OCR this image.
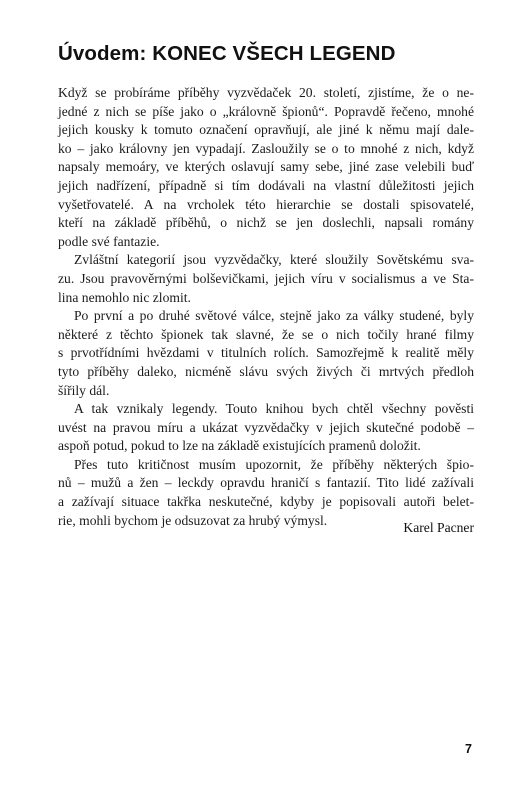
Úvodem: KONEC VŠECH LEGEND
Když se probíráme příběhy vyzvědaček 20. století, zjistíme, že o ne-
jedné z nich se píše jako o „královně špionů“. Popravdě řečeno, mnohé
jejich kousky k tomuto označení opravňují, ale jiné k němu mají dale-
ko – jako královny jen vypadají. Zasloužily se o to mnohé z nich, když
napsaly memoáry, ve kterých oslavují samy sebe, jiné zase velebili buď
jejich nadřízení, případně si tím dodávali na vlastní důležitosti jejich
vyšetřovatelé. A na vrcholek této hierarchie se dostali spisovatelé,
kteří na základě příběhů, o nichž se jen doslechli, napsali romány
podle své fantazie.
Zvláštní kategorií jsou vyzvědačky, které sloužily Sovětskému sva-
zu. Jsou pravověrnými bolševičkami, jejich víru v socialismus a ve Sta-
lina nemohlo nic zlomit.
Po první a po druhé světové válce, stejně jako za války studené, byly
některé z těchto špionek tak slavné, že se o nich točily hrané filmy
s prvotřídními hvězdami v titulních rolích. Samozřejmě k realitě měly
tyto příběhy daleko, nicméně slávu svých živých či mrtvých předloh
šířily dál.
A tak vznikaly legendy. Touto knihou bych chtěl všechny pověsti
uvést na pravou míru a ukázat vyzvědačky v jejich skutečné podobě –
aspoň potud, pokud to lze na základě existujících pramenů doložit.
Přes tuto kritičnost musím upozornit, že příběhy některých špio-
nů – mužů a žen – leckdy opravdu hraničí s fantazií. Tito lidé zažívali
a zažívají situace takřka neskutečné, kdyby je popisovali autoři belet-
rie, mohli bychom je odsuzovat za hrubý výmysl.	Karel Pacner
7
